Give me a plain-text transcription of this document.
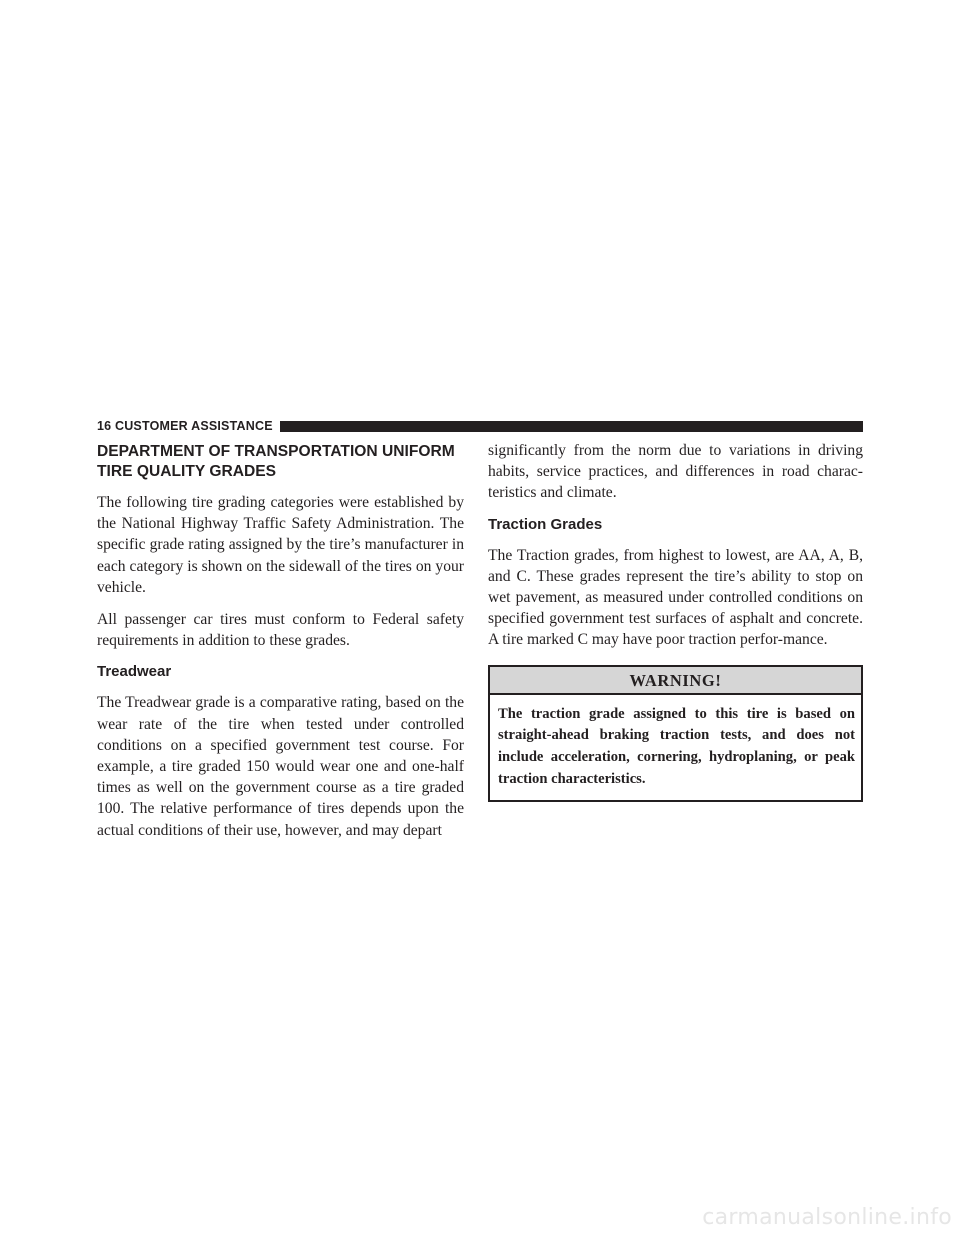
16 CUSTOMER ASSISTANCE
DEPARTMENT OF TRANSPORTATION UNIFORM TIRE QUALITY GRADES

The following tire grading categories were established by the National Highway Traffic Safety Administration. The specific grade rating assigned by the tire’s manufacturer in each category is shown on the sidewall of the tires on your vehicle.

All passenger car tires must conform to Federal safety requirements in addition to these grades.

Treadwear

The Treadwear grade is a comparative rating, based on the wear rate of the tire when tested under controlled conditions on a specified government test course. For example, a tire graded 150 would wear one and one-half times as well on the government course as a tire graded 100. The relative performance of tires depends upon the actual conditions of their use, however, and may depart

significantly from the norm due to variations in driving habits, service practices, and differences in road charac-teristics and climate.

Traction Grades

The Traction grades, from highest to lowest, are AA, A, B, and C. These grades represent the tire’s ability to stop on wet pavement, as measured under controlled conditions on specified government test surfaces of asphalt and concrete. A tire marked C may have poor traction perfor-mance.

WARNING!
The traction grade assigned to this tire is based on straight-ahead braking traction tests, and does not include acceleration, cornering, hydroplaning, or peak traction characteristics.
carmanualsonline.info
